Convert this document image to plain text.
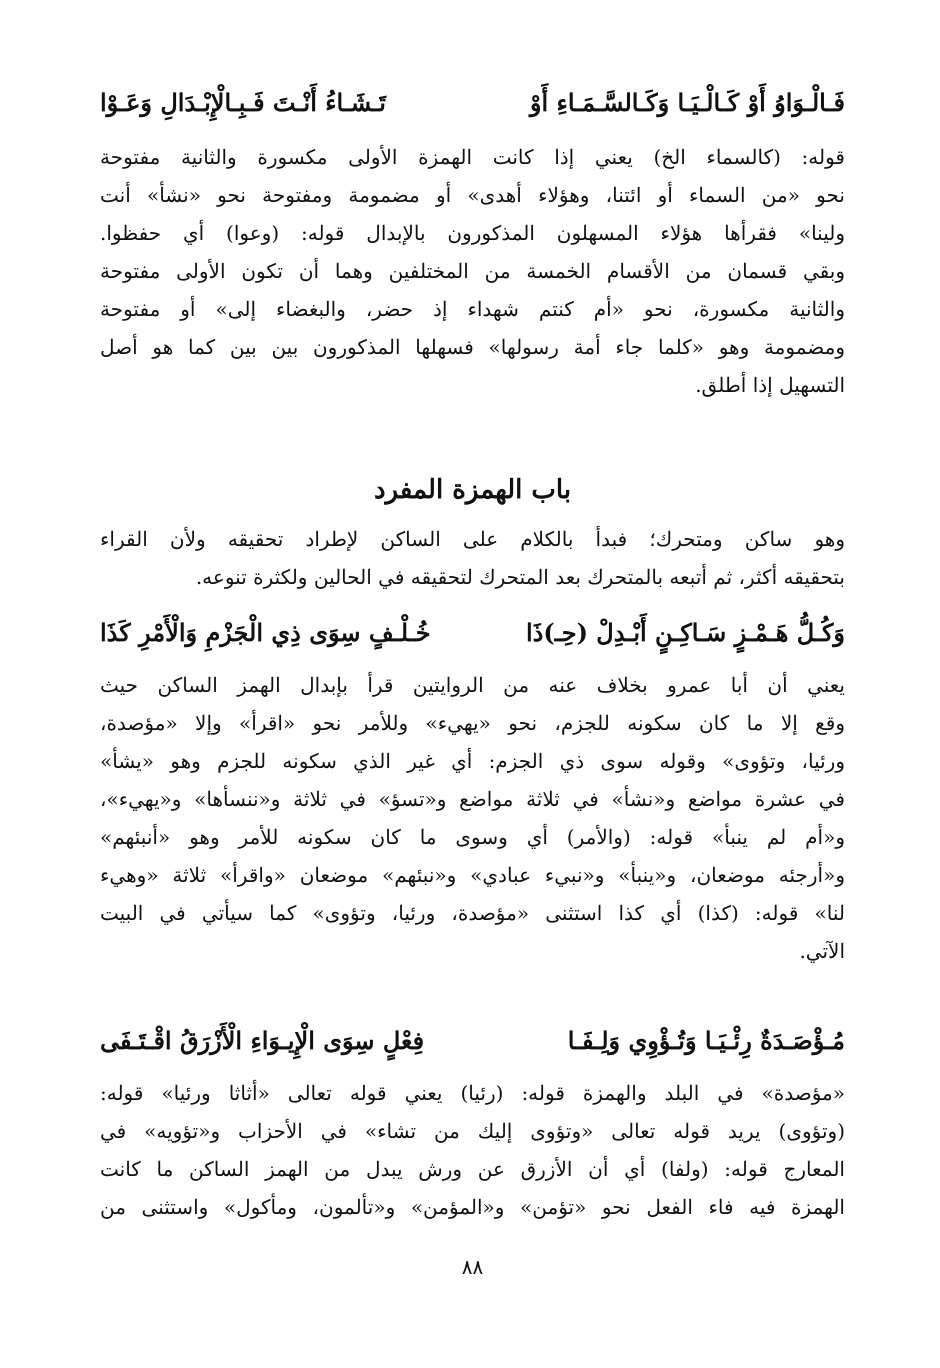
فَـالْـوَاوُ أَوْ كَـالْـيَـا وَكَـالسَّـمَـاءِ أَوْ
تَـشَـاءُ أَنْـتَ فَـبِـالْإِبْـدَالِ وَعَـوْا
قوله: (كالسماء الخ) يعني إذا كانت الهمزة الأولى مكسورة والثانية مفتوحة
نحو «من السماء أو ائتنا، وهؤلاء أهدى» أو مضمومة ومفتوحة نحو «نشأ» أنت
ولينا» فقرأها هؤلاء المسهلون المذكورون بالإبدال قوله: (وعوا) أي حفظوا.
وبقي قسمان من الأقسام الخمسة من المختلفين وهما أن تكون الأولى مفتوحة
والثانية مكسورة، نحو «أم كنتم شهداء إذ حضر، والبغضاء إلى» أو مفتوحة
ومضمومة وهو «كلما جاء أمة رسولها» فسهلها المذكورون بين بين كما هو أصل
التسهيل إذا أطلق.
باب الهمزة المفرد
وهو ساكن ومتحرك؛ فبدأ بالكلام على الساكن لإطراد تحقيقه ولأن القراء
بتحقيقه أكثر، ثم أتبعه بالمتحرك بعد المتحرك لتحقيقه في الحالين ولكثرة تنوعه.
وَكُـلُّ هَـمْـزٍ سَـاكِـنٍ أَبْـدِلْ (حِـ)ذَا
خُـلْـفٍ سِوَى ذِي الْجَزْمِ وَالْأَمْرِ كَذَا
يعني أن أبا عمرو بخلاف عنه من الروايتين قرأ بإبدال الهمز الساكن حيث
وقع إلا ما كان سكونه للجزم، نحو «يهيء» وللأمر نحو «اقرأ» وإلا «مؤصدة،
ورئيا، وتؤوى» وقوله سوى ذي الجزم: أي غير الذي سكونه للجزم وهو «يشأ»
في عشرة مواضع و«نشأ» في ثلاثة مواضع و«تسؤ» في ثلاثة و«ننسأها» و«يهيء»،
و«أم لم ينبأ» قوله: (والأمر) أي وسوى ما كان سكونه للأمر وهو «أنبئهم»
و«أرجئه موضعان، و«ينبأ» و«نبيء عبادي» و«نبئهم» موضعان «واقرأ» ثلاثة «وهيء
لنا» قوله: (كذا) أي كذا استثنى «مؤصدة، ورئيا، وتؤوى» كما سيأتي في البيت
الآتي.
مُـؤْصَـدَةٌ رِئْـيَـا وَتُـؤْوِي وَلِـفَـا
فِعْلٍ سِوَى الْإِيـوَاءِ الْأَزْرَقُ اقْـتَـفَى
«مؤصدة» في البلد والهمزة قوله: (رئيا) يعني قوله تعالى «أثاثا ورئيا» قوله:
(وتؤوى) يريد قوله تعالى «وتؤوى إليك من تشاء» في الأحزاب و«تؤويه» في
المعارج قوله: (ولفا) أي أن الأزرق عن ورش يبدل من الهمز الساكن ما كانت
الهمزة فيه فاء الفعل نحو «تؤمن» و«المؤمن» و«تألمون، ومأكول» واستثنى من
٨٨
